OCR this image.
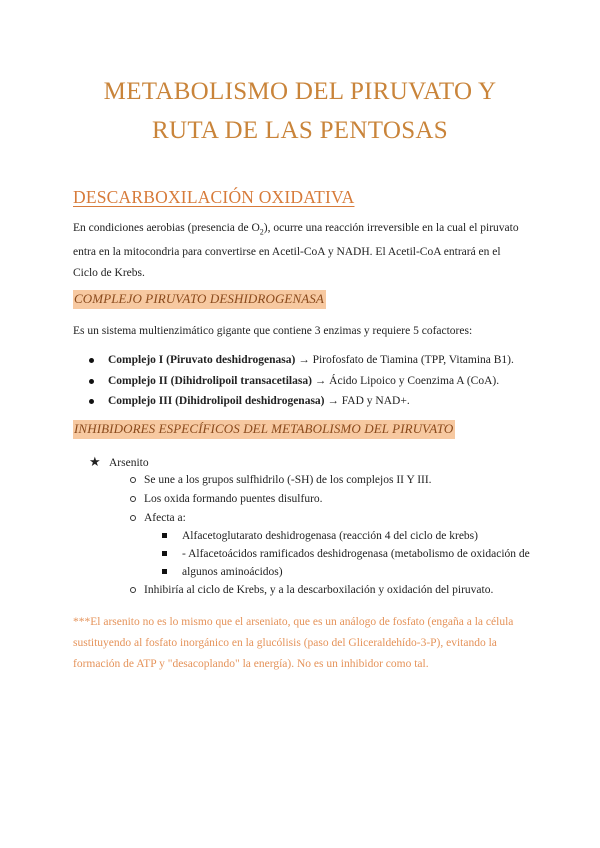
METABOLISMO DEL PIRUVATO Y
RUTA DE LAS PENTOSAS
DESCARBOXILACIÓN OXIDATIVA
En condiciones aerobias (presencia de $O_2$), ocurre una reacción irreversible en la cual el piruvato entra en la mitocondria para convertirse en Acetil-CoA y NADH. El Acetil-CoA entrará en el Ciclo de Krebs.
COMPLEJO PIRUVATO DESHIDROGENASA
Es un sistema multienzimático gigante que contiene 3 enzimas y requiere 5 cofactores:
Complejo I (Piruvato deshidrogenasa) → Pirofosfato de Tiamina (TPP, Vitamina B1).
Complejo II (Dihidrolipoil transacetilasa) → Ácido Lipoico y Coenzima A (CoA).
Complejo III (Dihidrolipoil deshidrogenasa) → FAD y NAD+.
INHIBIDORES ESPECÍFICOS DEL METABOLISMO DEL PIRUVATO
★ Arsenito
Se une a los grupos sulfhidrilo (-SH) de los complejos II Y III.
Los oxida formando puentes disulfuro.
Afecta a:
Alfacetoglutarato deshidrogenasa (reacción 4 del ciclo de krebs)
- Alfacetoácidos ramificados deshidrogenasa (metabolismo de oxidación de
algunos aminoácidos)
Inhibiría al ciclo de Krebs, y a la descarboxilación y oxidación del piruvato.
***El arsenito no es lo mismo que el arseniato, que es un análogo de fosfato (engaña a la célula sustituyendo al fosfato inorgánico en la glucólisis (paso del Gliceraldehído-3-P), evitando la formación de ATP y "desacoplando" la energía). No es un inhibidor como tal.
